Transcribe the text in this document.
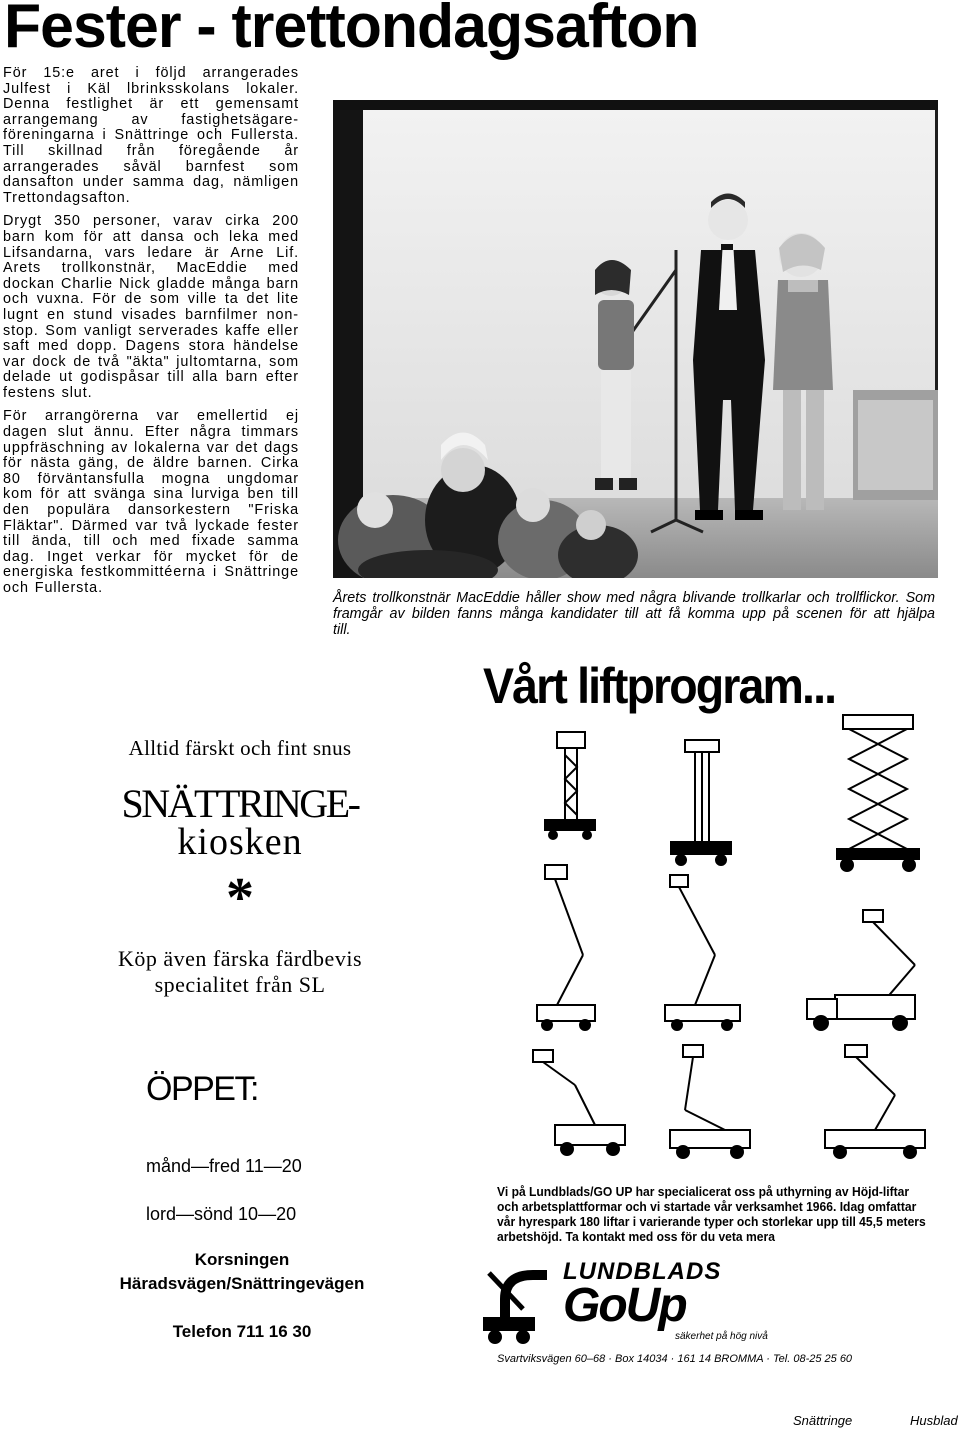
Fester - trettondagsafton

För 15:e aret i följd arrangerades Julfest i Käl lbrinksskolans lokaler. Denna festlighet är ett gemensamt arrangemang av fastighetsägare-föreningarna i Snättringe och Fullersta. Till skillnad från föregående år arrangerades såväl barnfest som dansafton under samma dag, nämligen Trettondagsafton.

Drygt 350 personer, varav cirka 200 barn kom för att dansa och leka med Lifsandarna, vars ledare är Arne Lif. Arets trollkonstnär, MacEddie med dockan Charlie Nick gladde många barn och vuxna. För de som ville ta det lite lugnt en stund visades barnfilmer non-stop. Som vanligt serverades kaffe eller saft med dopp. Dagens stora händelse var dock de två "äkta" jultomtarna, som delade ut godispåsar till alla barn efter festens slut.

För arrangörerna var emellertid ej dagen slut ännu. Efter några timmars uppfräschning av lokalerna var det dags för nästa gäng, de äldre barnen. Cirka 80 förväntansfulla mogna ungdomar kom för att svänga sina lurviga ben till den populära dansorkestern "Friska Fläktar". Därmed var två lyckade fester till ända, till och med fixade samma dag. Inget verkar för mycket för de energiska festkommittéerna i Snättringe och Fullersta.

Årets trollkonstnär MacEddie håller show med några blivande trollkarlar och trollflickor. Som framgår av bilden fanns många kandidater till att få komma upp på scenen för att hjälpa till.
Alltid färskt och fint snus
SNÄTTRINGE-
kiosken
*
Köp även färska färdbevis
specialitet från SL
ÖPPET:
månd—fred 11—20
lord—sönd 10—20
Korsningen
Häradsvägen/Snättringevägen
Telefon 711 16 30
Vårt liftprogram...
Vi på Lundblads/GO UP har specialicerat oss på uthyrning av Höjd-liftar och arbetsplattformar och vi startade vår verksamhet 1966. Idag omfattar vår hyrespark 180 liftar i varierande typer och storlekar upp till 45,5 meters arbetshöjd. Ta kontakt med oss för du veta mera
LUNDBLADS
GoUp
säkerhet på hög nivå
Svartviksvägen 60–68 · Box 14034 · 161 14 BROMMA · Tel. 08-25 25 60
Snättringe	Husblad
